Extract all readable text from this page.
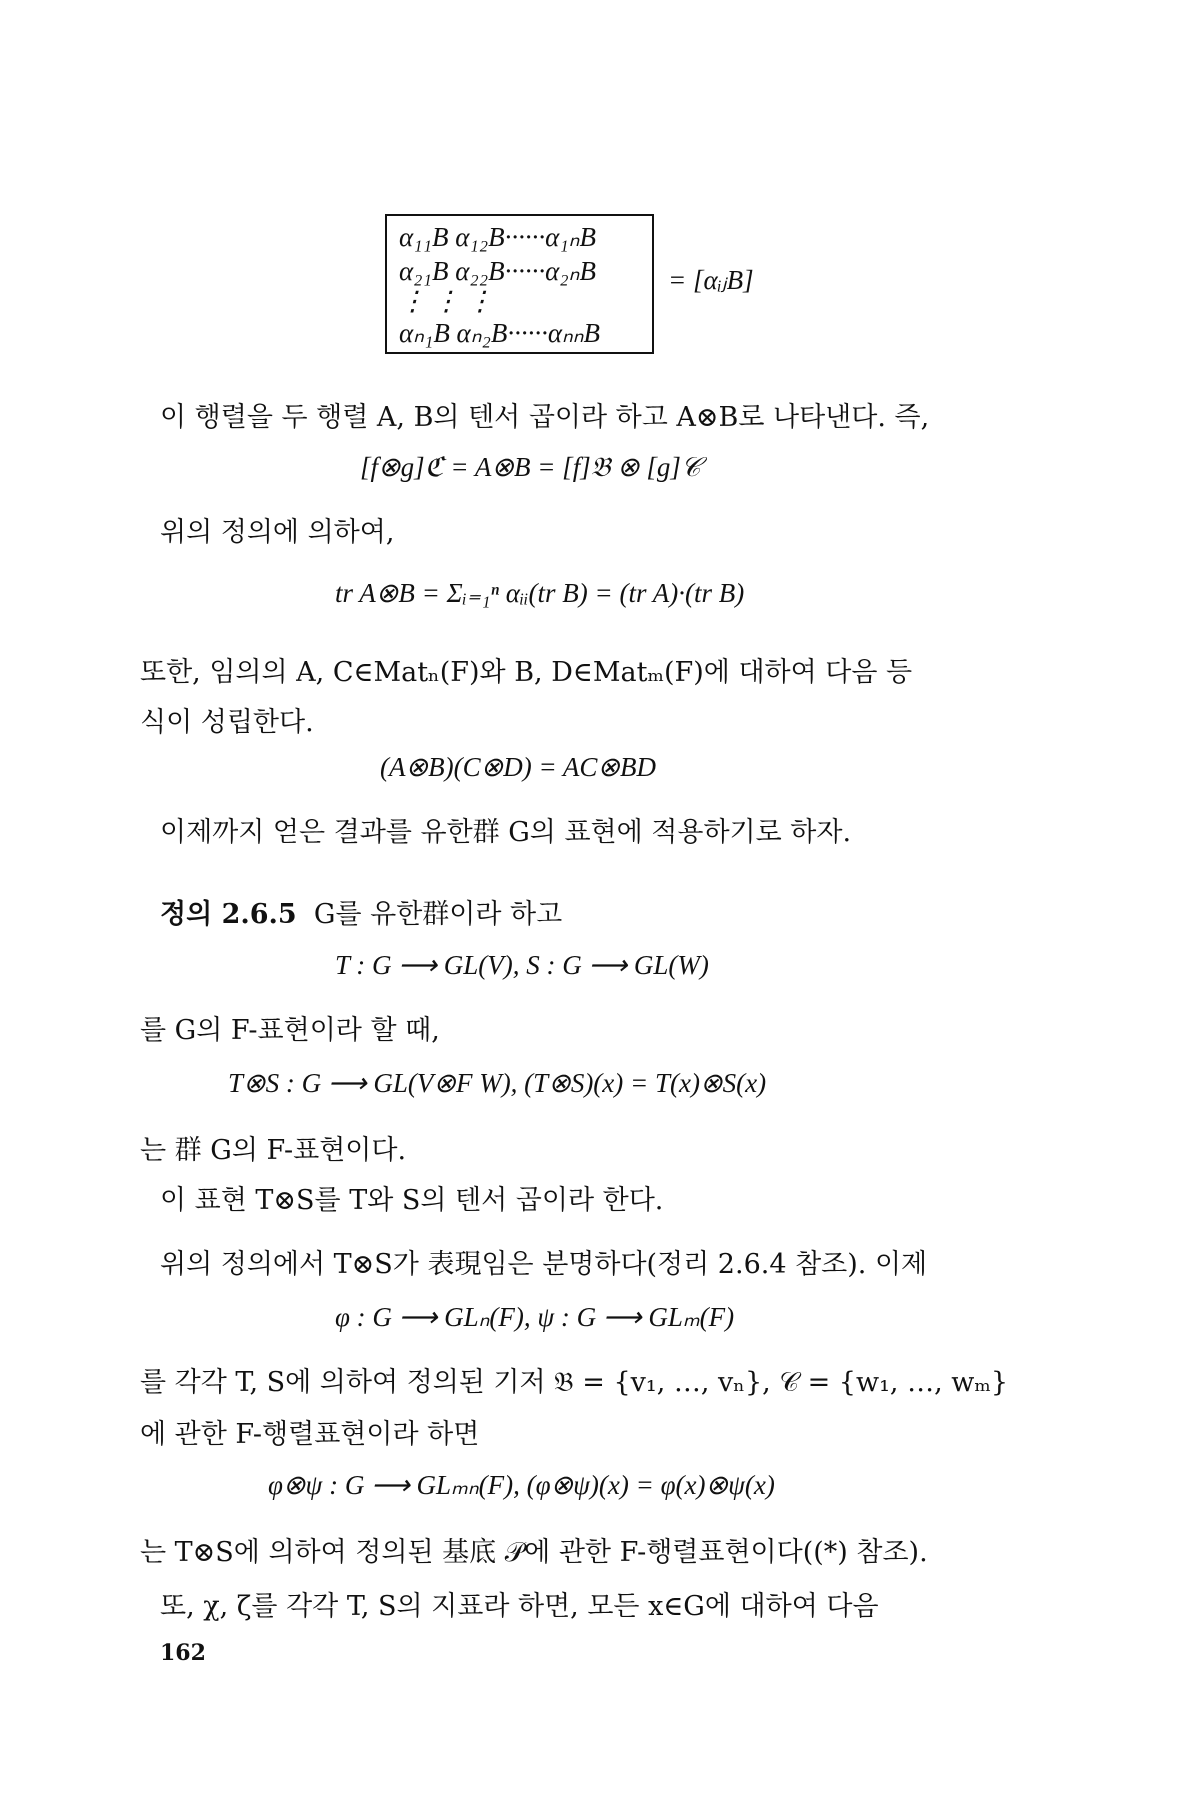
α₁₁B α₁₂B······α₁ₙB
α₂₁B α₂₂B······α₂ₙB
⋮ ⋮ ⋮
αₙ₁B αₙ₂B······αₙₙB
= [αᵢⱼB]
이 행렬을 두 행렬 A, B의 텐서 곱이라 하고 A⊗B로 나타낸다. 즉,
[f⊗g]ℭ = A⊗B = [f]𝔅 ⊗ [g]𝒞
위의 정의에 의하여,
tr A⊗B = Σᵢ₌₁ⁿ αᵢᵢ(tr B) = (tr A)·(tr B)
또한, 임의의 A, C∈Matₙ(F)와 B, D∈Matₘ(F)에 대하여 다음 등
식이 성립한다.
(A⊗B)(C⊗D) = AC⊗BD
이제까지 얻은 결과를 유한群 G의 표현에 적용하기로 하자.
정의 2.6.5 G를 유한群이라 하고
T : G ⟶ GL(V), S : G ⟶ GL(W)
를 G의 F-표현이라 할 때,
T⊗S : G ⟶ GL(V⊗F W), (T⊗S)(x) = T(x)⊗S(x)
는 群 G의 F-표현이다.
이 표현 T⊗S를 T와 S의 텐서 곱이라 한다.
위의 정의에서 T⊗S가 表現임은 분명하다(정리 2.6.4 참조). 이제
φ : G ⟶ GLₙ(F), ψ : G ⟶ GLₘ(F)
를 각각 T, S에 의하여 정의된 기저 𝔅 = {v₁, …, vₙ}, 𝒞 = {w₁, …, wₘ}
에 관한 F-행렬표현이라 하면
φ⊗ψ : G ⟶ GLₘₙ(F), (φ⊗ψ)(x) = φ(x)⊗ψ(x)
는 T⊗S에 의하여 정의된 基底 𝒫에 관한 F-행렬표현이다((*) 참조).
또, χ, ζ를 각각 T, S의 지표라 하면, 모든 x∈G에 대하여 다음
162
